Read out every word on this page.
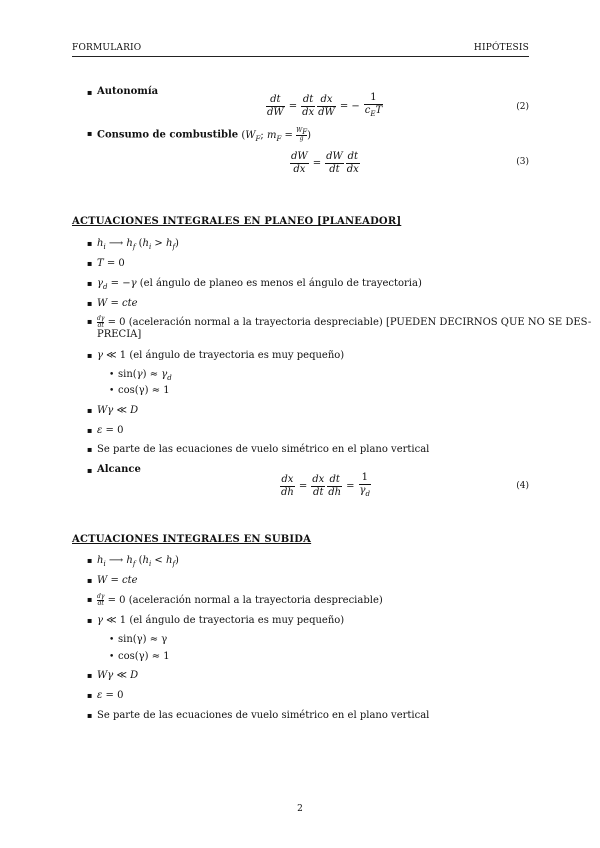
FORMULARIO	HIPÓTESIS
▪ Autonomía
$\frac{dt}{dW} = \frac{dt}{dx} \frac{dx}{dW}$ = − $\frac{1}{c_ET}$	(2)
▪ Consumo de combustible ($W_F$; $m_F = \frac{W_F}{g}$ )
$\frac{dW}{dx} = \frac{dW}{dt} \frac{dt}{dx}$	(3)
ACTUACIONES INTEGRALES EN PLANEO [PLANEADOR]
▪ $h_i$ ⟶ $h_f$ $(h_i > h_f)$
▪ T = 0
▪ $\gamma_d = -\gamma$ (el ángulo de planeo es menos el ángulo de trayectoria)
▪ W = cte
▪ $\frac{d\gamma}{dt} = 0$ (aceleración normal a la trayectoria despreciable) [PUEDEN DECIRNOS QUE NO SE DES-
PRECIA]
▪ γ ≪ 1 (el ángulo de trayectoria es muy pequeño)
• $\sin(\gamma) \approx \gamma_d$
• cos(γ) ≈ 1
▪ Wγ ≪ D
▪ ε = 0
▪ Se parte de las ecuaciones de vuelo simétrico en el plano vertical
▪ Alcance
$\frac{dx}{dh} = \frac{dx}{dt} \frac{dt}{dh} = \frac{1}{\gamma_d}$	(4)
ACTUACIONES INTEGRALES EN SUBIDA
▪ $h_i$ ⟶ $h_f$ $(h_i < h_f)$
▪ W = cte
▪ $\frac{d\gamma}{dt} = 0$ (aceleración normal a la trayectoria despreciable)
▪ γ ≪ 1 (el ángulo de trayectoria es muy pequeño)
• sin(γ) ≈ γ
• cos(γ) ≈ 1
▪ Wγ ≪ D
▪ ε = 0
▪ Se parte de las ecuaciones de vuelo simétrico en el plano vertical
2
